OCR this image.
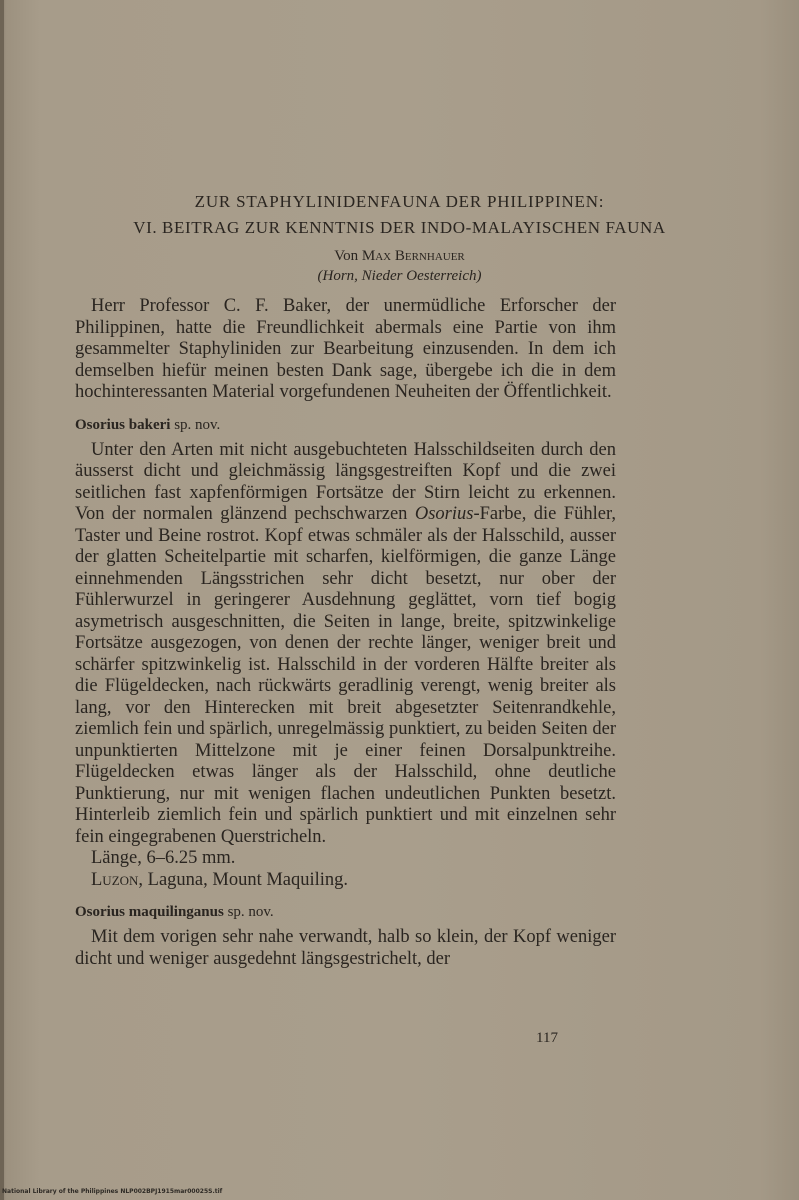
ZUR STAPHYLINIDENFAUNA DER PHILIPPINEN:
VI. BEITRAG ZUR KENNTNIS DER INDO-MALAYISCHEN FAUNA
Von Max Bernhauer
(Horn, Nieder Oesterreich)

Herr Professor C. F. Baker, der unermüdliche Erforscher der Philippinen, hatte die Freundlichkeit abermals eine Partie von ihm gesammelter Staphyliniden zur Bearbeitung einzusenden. In dem ich demselben hiefür meinen besten Dank sage, übergebe ich die in dem hochinteressanten Material vorgefundenen Neuheiten der Öffentlichkeit.

Osorius bakeri sp. nov.

Unter den Arten mit nicht ausgebuchteten Halsschildseiten durch den äusserst dicht und gleichmässig längsgestreiften Kopf und die zwei seitlichen fast xapfenförmigen Fortsätze der Stirn leicht zu erkennen. Von der normalen glänzend pechschwarzen Osorius-Farbe, die Fühler, Taster und Beine rostrot. Kopf etwas schmäler als der Halsschild, ausser der glatten Scheitelpartie mit scharfen, kielförmigen, die ganze Länge einnehmenden Längsstrichen sehr dicht besetzt, nur ober der Fühlerwurzel in geringerer Ausdehnung geglättet, vorn tief bogig asymetrisch ausgeschnitten, die Seiten in lange, breite, spitzwinkelige Fortsätze ausgezogen, von denen der rechte länger, weniger breit und schärfer spitzwinkelig ist. Halsschild in der vorderen Hälfte breiter als die Flügeldecken, nach rückwärts geradlinig verengt, wenig breiter als lang, vor den Hinterecken mit breit abgesetzter Seitenrandkehle, ziemlich fein und spärlich, unregelmässig punktiert, zu beiden Seiten der unpunktierten Mittelzone mit je einer feinen Dorsalpunktreihe. Flügeldecken etwas länger als der Halsschild, ohne deutliche Punktierung, nur mit wenigen flachen undeutlichen Punkten besetzt. Hinterleib ziemlich fein und spärlich punktiert und mit einzelnen sehr fein eingegrabenen Querstricheln.

Länge, 6–6.25 mm.

Luzon, Laguna, Mount Maquiling.

Osorius maquilinganus sp. nov.

Mit dem vorigen sehr nahe verwandt, halb so klein, der Kopf weniger dicht und weniger ausgedehnt längsgestrichelt, der

117
National Library of the Philippines NLP002BPJ1915mar00025S.tif
